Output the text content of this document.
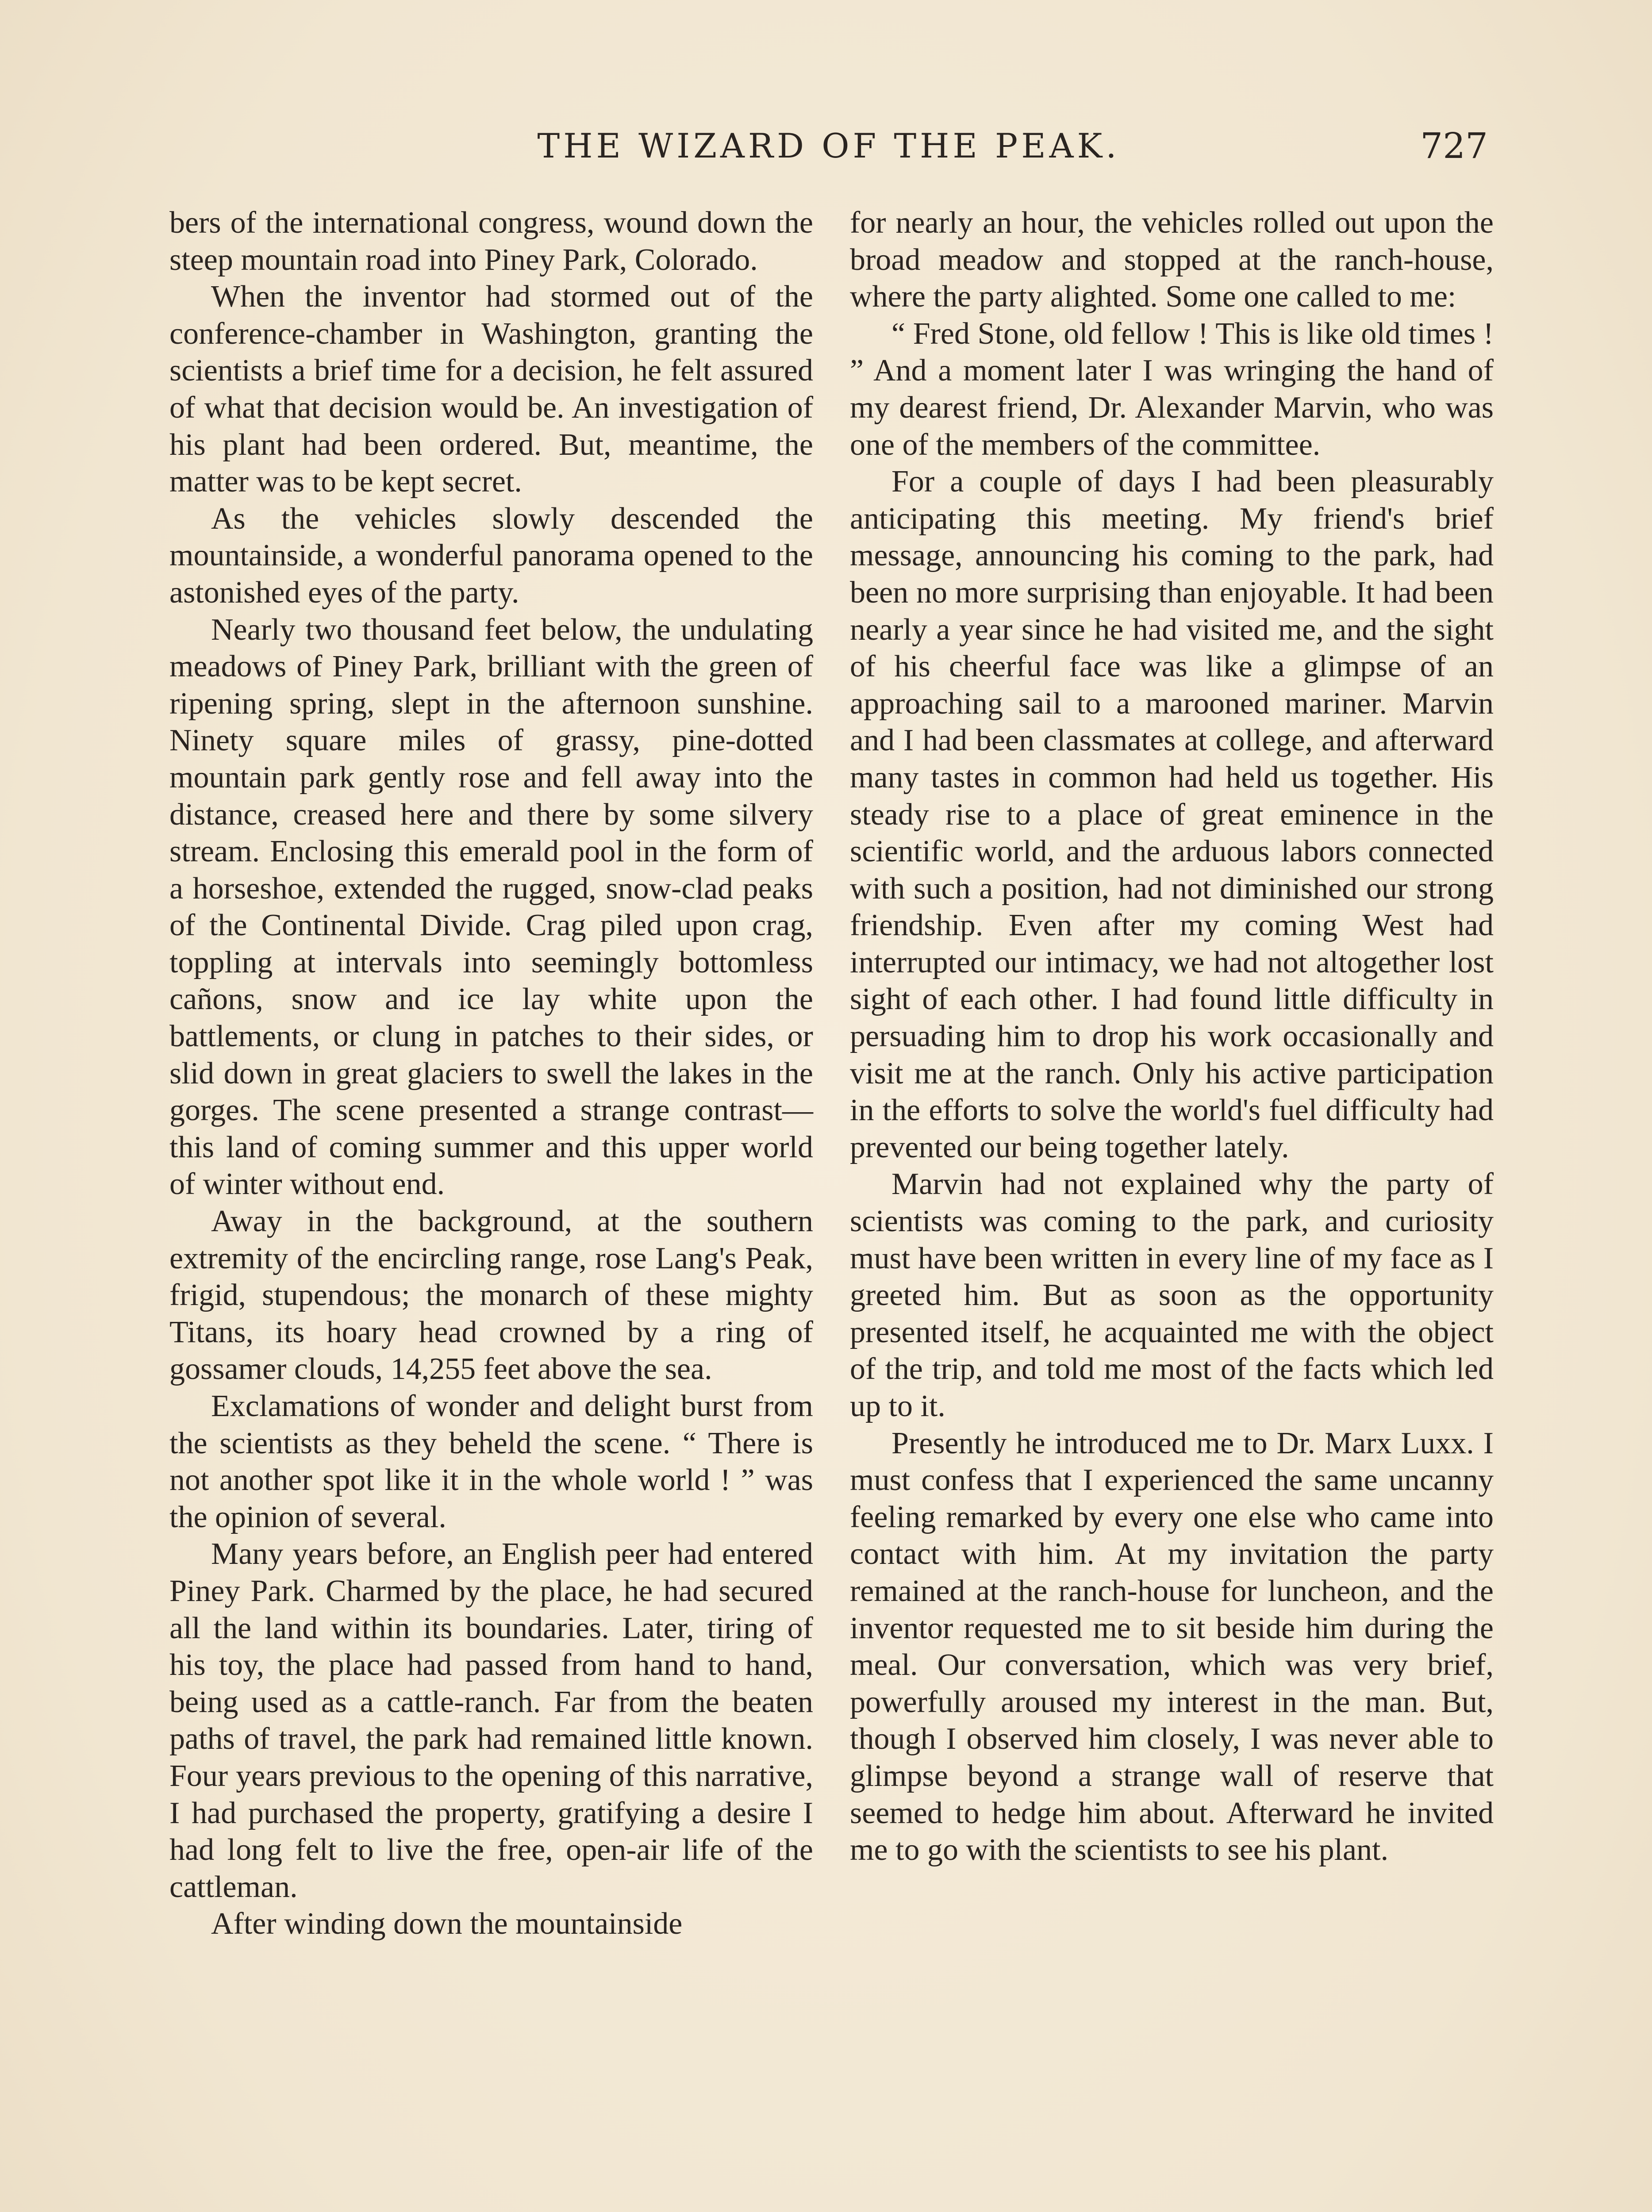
THE WIZARD OF THE PEAK.	727

bers of the international congress, wound down the steep mountain road into Piney Park, Colorado.

When the inventor had stormed out of the conference-chamber in Washington, granting the scientists a brief time for a decision, he felt assured of what that decision would be. An investigation of his plant had been ordered. But, meantime, the matter was to be kept secret.

As the vehicles slowly descended the mountainside, a wonderful panorama opened to the astonished eyes of the party.

Nearly two thousand feet below, the undulating meadows of Piney Park, brilliant with the green of ripening spring, slept in the afternoon sunshine. Ninety square miles of grassy, pine-dotted mountain park gently rose and fell away into the distance, creased here and there by some silvery stream. Enclosing this emerald pool in the form of a horseshoe, extended the rugged, snow-clad peaks of the Continental Divide. Crag piled upon crag, toppling at intervals into seemingly bottomless cañons, snow and ice lay white upon the battlements, or clung in patches to their sides, or slid down in great glaciers to swell the lakes in the gorges. The scene presented a strange contrast—this land of coming summer and this upper world of winter without end.

Away in the background, at the southern extremity of the encircling range, rose Lang's Peak, frigid, stupendous; the monarch of these mighty Titans, its hoary head crowned by a ring of gossamer clouds, 14,255 feet above the sea.

Exclamations of wonder and delight burst from the scientists as they beheld the scene. “ There is not another spot like it in the whole world ! ” was the opinion of several.

Many years before, an English peer had entered Piney Park. Charmed by the place, he had secured all the land within its boundaries. Later, tiring of his toy, the place had passed from hand to hand, being used as a cattle-ranch. Far from the beaten paths of travel, the park had remained little known. Four years previous to the opening of this narrative, I had purchased the property, gratifying a desire I had long felt to live the free, open-air life of the cattleman.

After winding down the mountainside

for nearly an hour, the vehicles rolled out upon the broad meadow and stopped at the ranch-house, where the party alighted. Some one called to me:

“ Fred Stone, old fellow ! This is like old times ! ” And a moment later I was wringing the hand of my dearest friend, Dr. Alexander Marvin, who was one of the members of the committee.

For a couple of days I had been pleasurably anticipating this meeting. My friend's brief message, announcing his coming to the park, had been no more surprising than enjoyable. It had been nearly a year since he had visited me, and the sight of his cheerful face was like a glimpse of an approaching sail to a marooned mariner. Marvin and I had been classmates at college, and afterward many tastes in common had held us together. His steady rise to a place of great eminence in the scientific world, and the arduous labors connected with such a position, had not diminished our strong friendship. Even after my coming West had interrupted our intimacy, we had not altogether lost sight of each other. I had found little difficulty in persuading him to drop his work occasionally and visit me at the ranch. Only his active participation in the efforts to solve the world's fuel difficulty had prevented our being together lately.

Marvin had not explained why the party of scientists was coming to the park, and curiosity must have been written in every line of my face as I greeted him. But as soon as the opportunity presented itself, he acquainted me with the object of the trip, and told me most of the facts which led up to it.

Presently he introduced me to Dr. Marx Luxx. I must confess that I experienced the same uncanny feeling remarked by every one else who came into contact with him. At my invitation the party remained at the ranch-house for luncheon, and the inventor requested me to sit beside him during the meal. Our conversation, which was very brief, powerfully aroused my interest in the man. But, though I observed him closely, I was never able to glimpse beyond a strange wall of reserve that seemed to hedge him about. Afterward he invited me to go with the scientists to see his plant.
